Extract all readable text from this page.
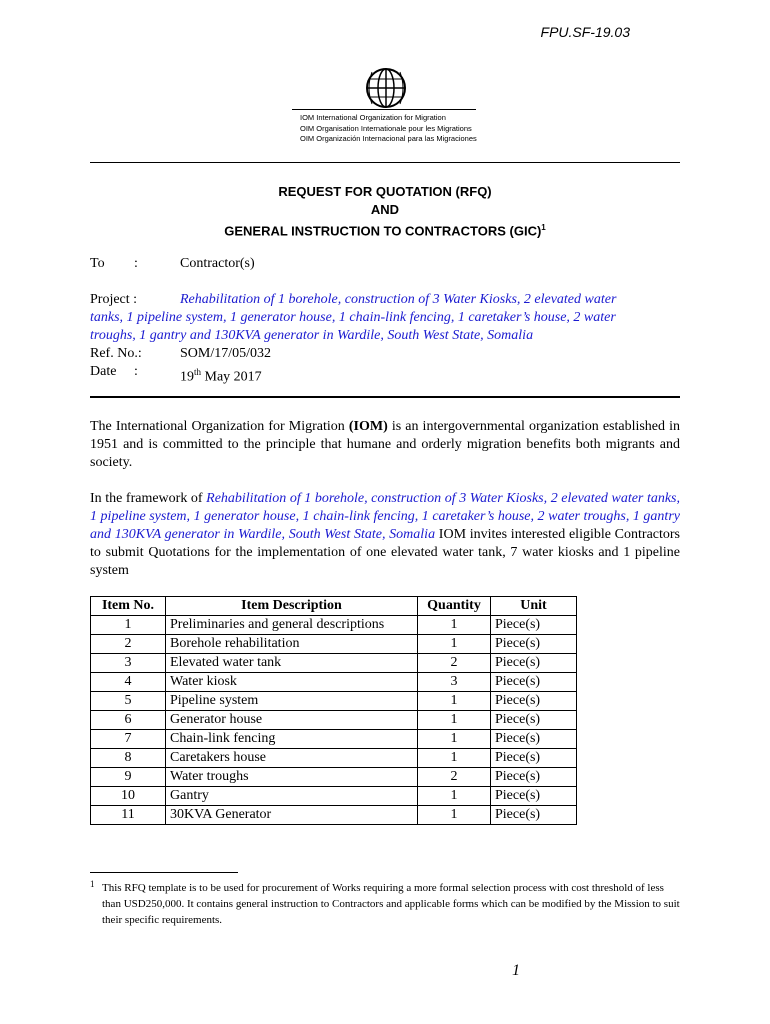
FPU.SF-19.03
IOM International Organization for Migration
OIM Organisation Internationale pour les Migrations
OIM Organización Internacional para las Migraciones
REQUEST FOR QUOTATION (RFQ)
AND
GENERAL INSTRUCTION TO CONTRACTORS (GIC)$^1$
To :	Contractor(s)
Project :	Rehabilitation of 1 borehole, construction of 3 Water Kiosks, 2 elevated water
tanks, 1 pipeline system, 1 generator house, 1 chain-link fencing, 1 caretaker’s house, 2 water
troughs, 1 gantry and 130KVA generator in Wardile, South West State, Somalia
Ref. No.:	SOM/17/05/032
Date :	19th May 2017
The International Organization for Migration (IOM) is an intergovernmental organization established in 1951 and is committed to the principle that humane and orderly migration benefits both migrants and society.
In the framework of Rehabilitation of 1 borehole, construction of 3 Water Kiosks, 2 elevated water tanks, 1 pipeline system, 1 generator house, 1 chain-link fencing, 1 caretaker’s house, 2 water troughs, 1 gantry and 130KVA generator in Wardile, South West State, Somalia IOM invites interested eligible Contractors to submit Quotations for the implementation of one elevated water tank, 7 water kiosks and 1 pipeline system
Item No.	Item Description	Quantity	Unit
1	Preliminaries and general descriptions	1	Piece(s)
2	Borehole rehabilitation	1	Piece(s)
3	Elevated water tank	2	Piece(s)
4	Water kiosk	3	Piece(s)
5	Pipeline system	1	Piece(s)
6	Generator house	1	Piece(s)
7	Chain-link fencing	1	Piece(s)
8	Caretakers house	1	Piece(s)
9	Water troughs	2	Piece(s)
10	Gantry	1	Piece(s)
11	30KVA Generator	1	Piece(s)
1 This RFQ template is to be used for procurement of Works requiring a more formal selection process with cost threshold of less than USD250,000. It contains general instruction to Contractors and applicable forms which can be modified by the Mission to suit their specific requirements.
1
